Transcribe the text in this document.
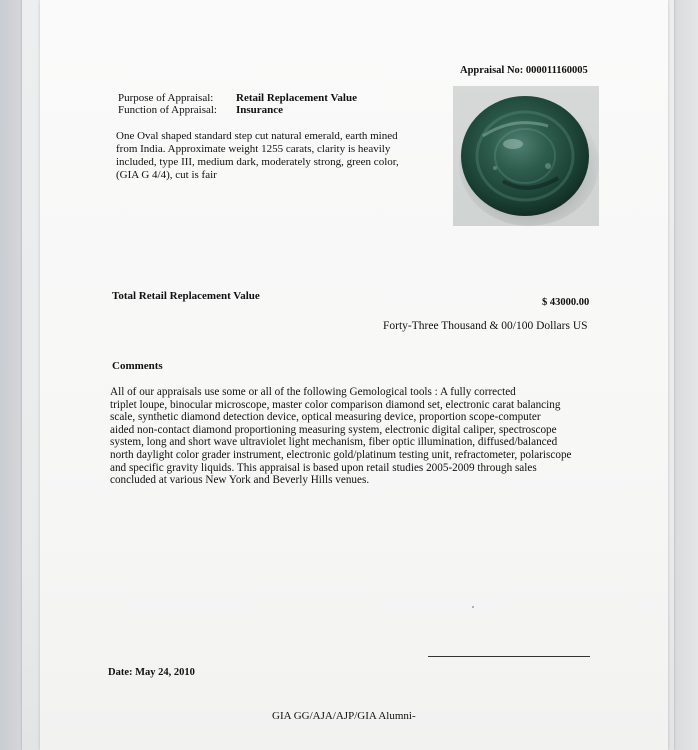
Appraisal No: 000011160005
Purpose of Appraisal: Retail Replacement Value
Function of Appraisal: Insurance
One Oval shaped standard step cut natural emerald, earth mined
from India. Approximate weight 1255 carats, clarity is heavily
included, type III, medium dark, moderately strong, green color,
(GIA G 4/4), cut is fair
Total Retail Replacement Value
$ 43000.00
Forty-Three Thousand & 00/100 Dollars US
Comments
All of our appraisals use some or all of the following Gemological tools : A fully corrected
triplet loupe, binocular microscope, master color comparison diamond set, electronic carat balancing
scale, synthetic diamond detection device, optical measuring device, proportion scope-computer
aided non-contact diamond proportioning measuring system, electronic digital caliper, spectroscope
system, long and short wave ultraviolet light mechanism, fiber optic illumination, diffused/balanced
north daylight color grader instrument, electronic gold/platinum testing unit, refractometer, polariscope
and specific gravity liquids. This appraisal is based upon retail studies 2005-2009 through sales
concluded at various New York and Beverly Hills venues.
Date: May 24, 2010
GIA GG/AJA/AJP/GIA Alumni-
